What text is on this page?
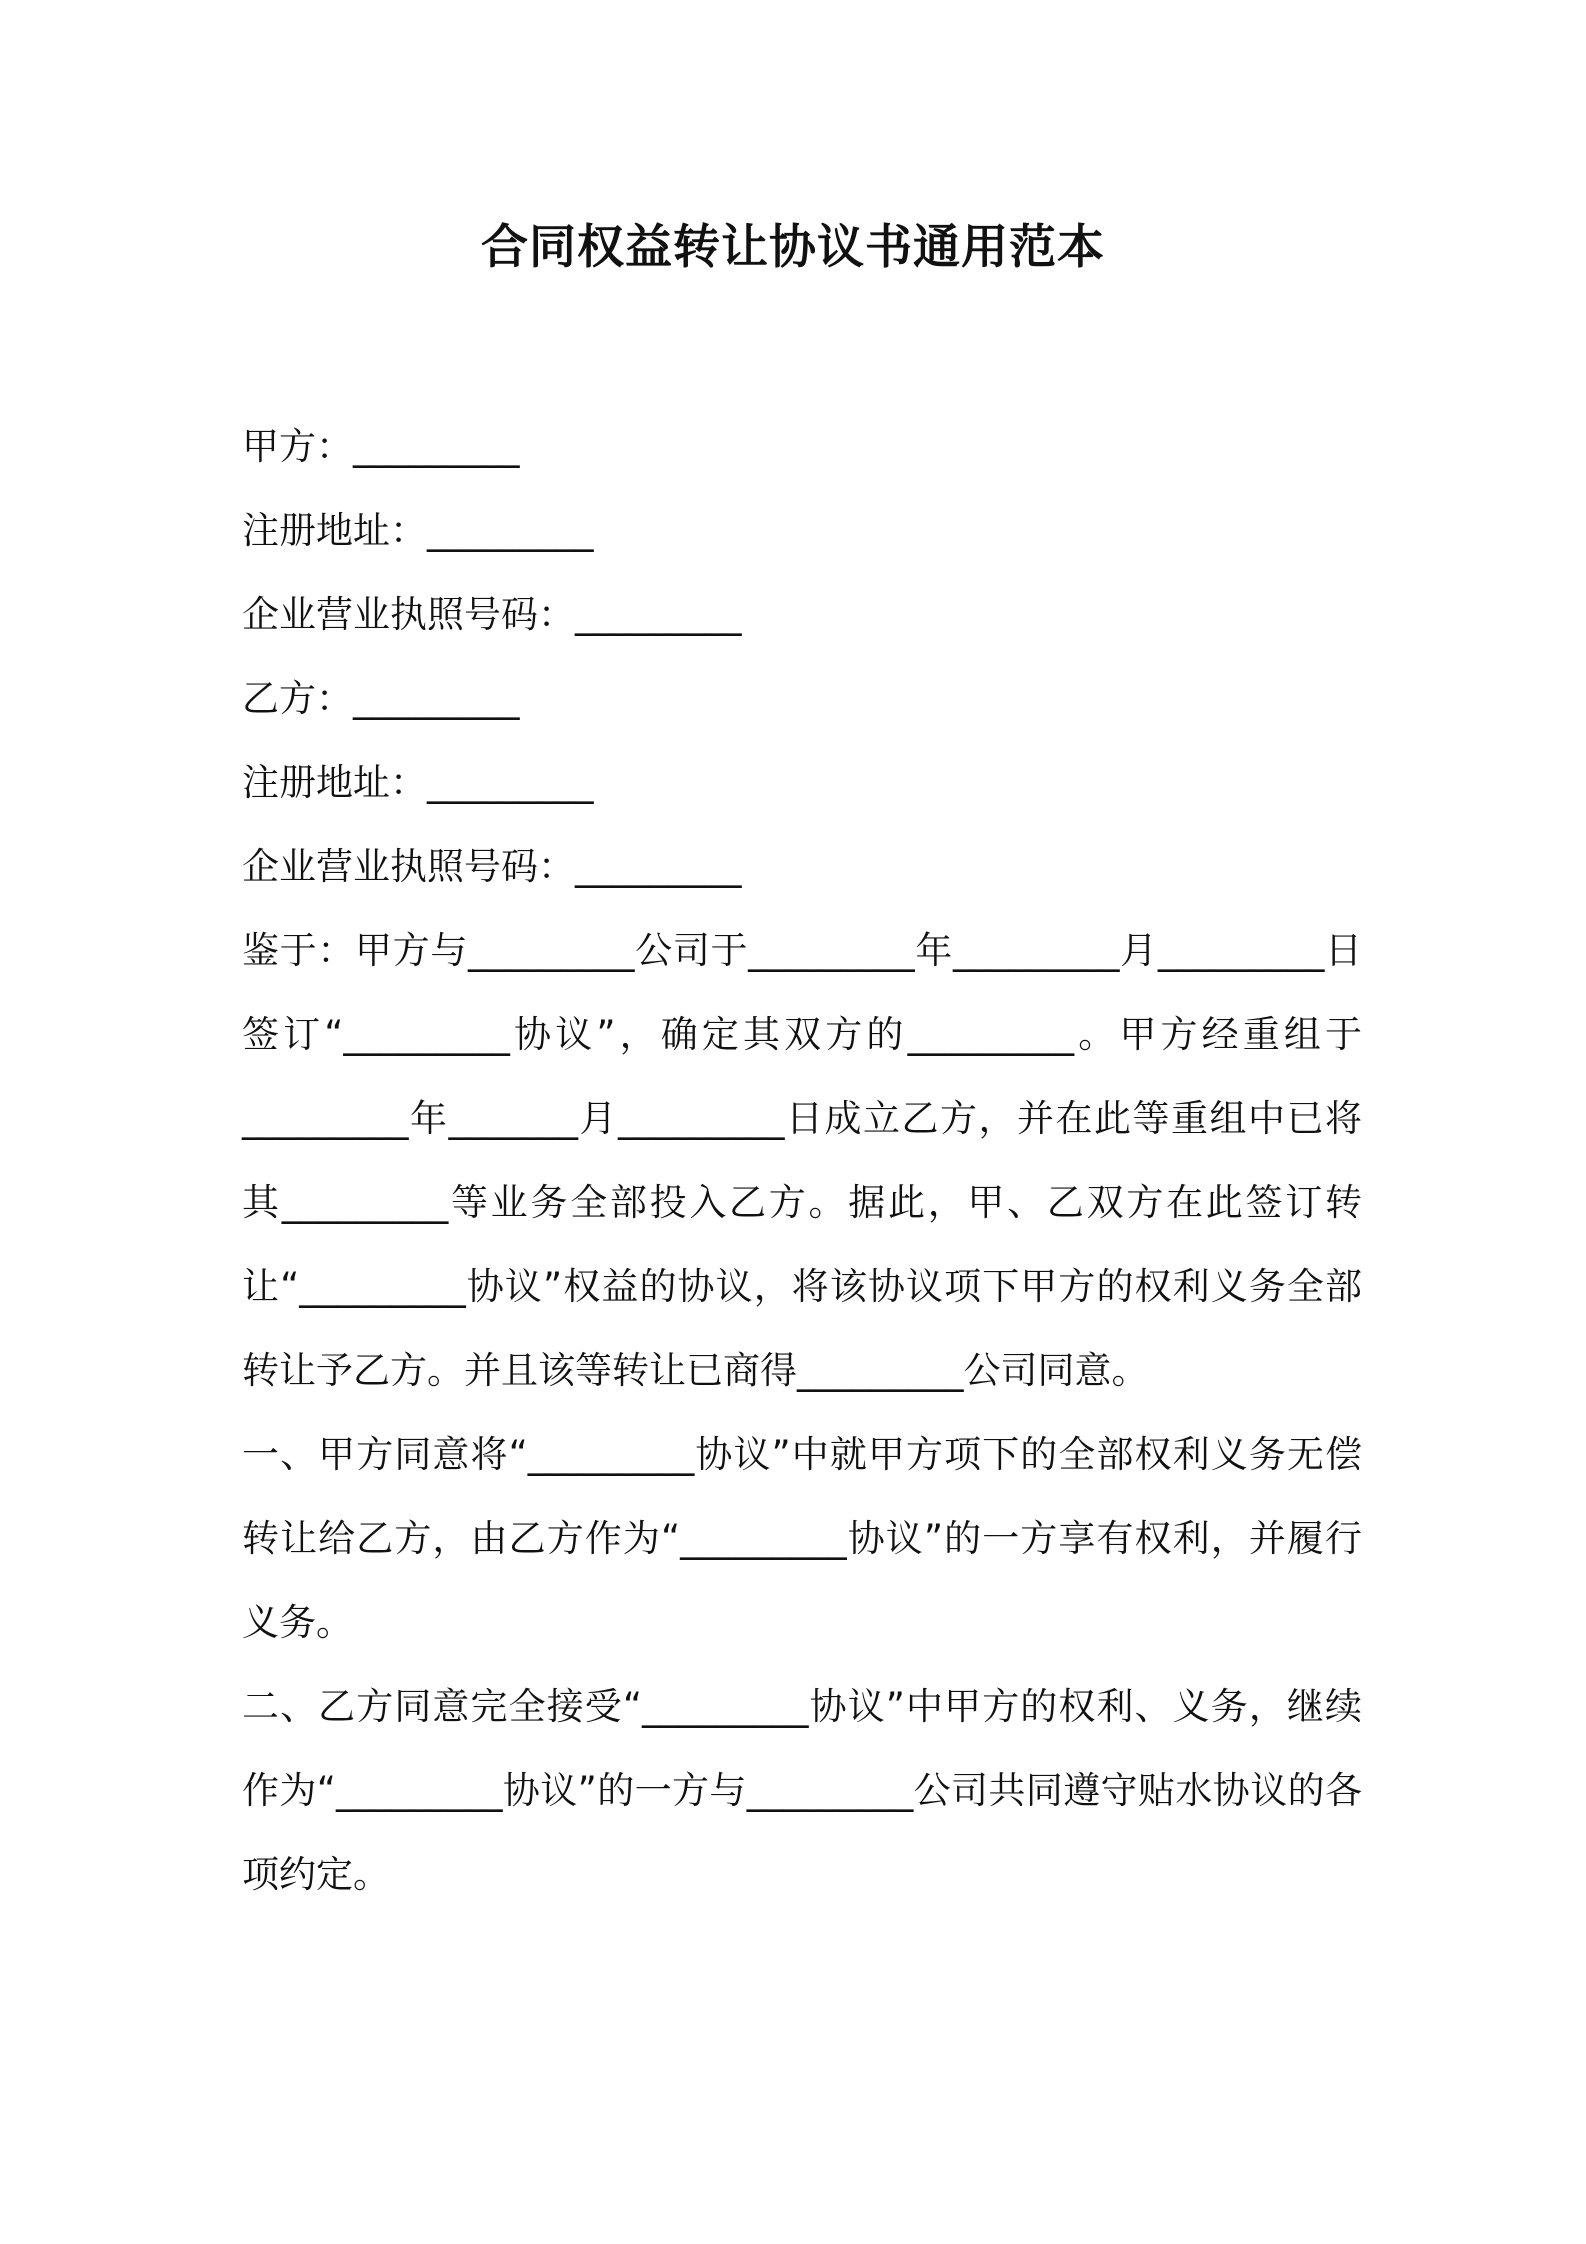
合同权益转让协议书通用范本

甲方：_________

注册地址：_________

企业营业执照号码：_________

乙方：_________

注册地址：_________

企业营业执照号码：_________

鉴于：甲方与_________公司于_________年_________月_________日签订“_________协议”，确定其双方的_________。甲方经重组于_________年_______月_________日成立乙方，并在此等重组中已将其_________等业务全部投入乙方。据此，甲、乙双方在此签订转让“_________协议”权益的协议，将该协议项下甲方的权利义务全部转让予乙方。并且该等转让已商得_________公司同意。

一、甲方同意将“_________协议”中就甲方项下的全部权利义务无偿转让给乙方，由乙方作为“_________协议”的一方享有权利，并履行义务。

二、乙方同意完全接受“_________协议”中甲方的权利、义务，继续作为“_________协议”的一方与_________公司共同遵守贴水协议的各项约定。
